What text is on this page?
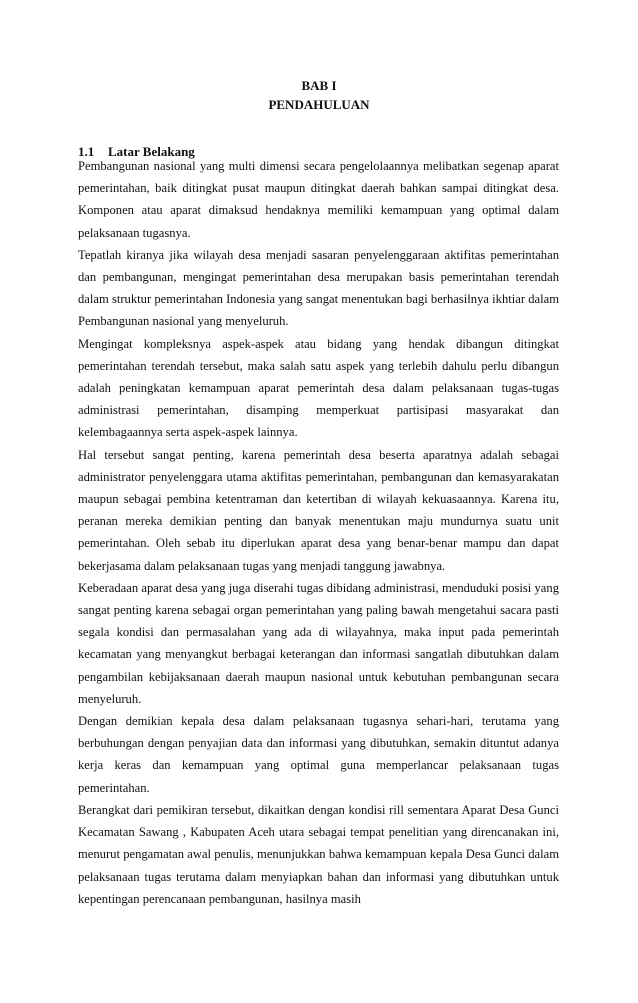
BAB I
PENDAHULUAN
1.1 Latar Belakang

Pembangunan nasional yang multi dimensi secara pengelolaannya melibatkan segenap aparat pemerintahan, baik ditingkat pusat maupun ditingkat daerah bahkan sampai ditingkat desa. Komponen atau aparat dimaksud hendaknya memiliki kemampuan yang optimal dalam pelaksanaan tugasnya.

Tepatlah kiranya jika wilayah desa menjadi sasaran penyelenggaraan aktifitas pemerintahan dan pembangunan, mengingat pemerintahan desa merupakan basis pemerintahan terendah dalam struktur pemerintahan Indonesia yang sangat menentukan bagi berhasilnya ikhtiar dalam Pembangunan nasional yang menyeluruh.

Mengingat kompleksnya aspek-aspek atau bidang yang hendak dibangun ditingkat pemerintahan terendah tersebut, maka salah satu aspek yang terlebih dahulu perlu dibangun adalah peningkatan kemampuan aparat pemerintah desa dalam pelaksanaan tugas-tugas administrasi pemerintahan, disamping memperkuat partisipasi masyarakat dan kelembagaannya serta aspek-aspek lainnya.

Hal tersebut sangat penting, karena pemerintah desa beserta aparatnya adalah sebagai administrator penyelenggara utama aktifitas pemerintahan, pembangunan dan kemasyarakatan maupun sebagai pembina ketentraman dan ketertiban di wilayah kekuasaannya. Karena itu, peranan mereka demikian penting dan banyak menentukan maju mundurnya suatu unit pemerintahan. Oleh sebab itu diperlukan aparat desa yang benar-benar mampu dan dapat bekerjasama dalam pelaksanaan tugas yang menjadi tanggung jawabnya.

Keberadaan aparat desa yang juga diserahi tugas dibidang administrasi, menduduki posisi yang sangat penting karena sebagai organ pemerintahan yang paling bawah mengetahui sacara pasti segala kondisi dan permasalahan yang ada di wilayahnya, maka input pada pemerintah kecamatan yang menyangkut berbagai keterangan dan informasi sangatlah dibutuhkan dalam pengambilan kebijaksanaan daerah maupun nasional untuk kebutuhan pembangunan secara menyeluruh.

Dengan demikian kepala desa dalam pelaksanaan tugasnya sehari-hari, terutama yang berbuhungan dengan penyajian data dan informasi yang dibutuhkan, semakin dituntut adanya kerja keras dan kemampuan yang optimal guna memperlancar pelaksanaan tugas pemerintahan.

Berangkat dari pemikiran tersebut, dikaitkan dengan kondisi rill sementara Aparat Desa Gunci Kecamatan Sawang , Kabupaten Aceh utara sebagai tempat penelitian yang direncanakan ini, menurut pengamatan awal penulis, menunjukkan bahwa kemampuan kepala Desa Gunci dalam pelaksanaan tugas terutama dalam menyiapkan bahan dan informasi yang dibutuhkan untuk kepentingan perencanaan pembangunan, hasilnya masih
